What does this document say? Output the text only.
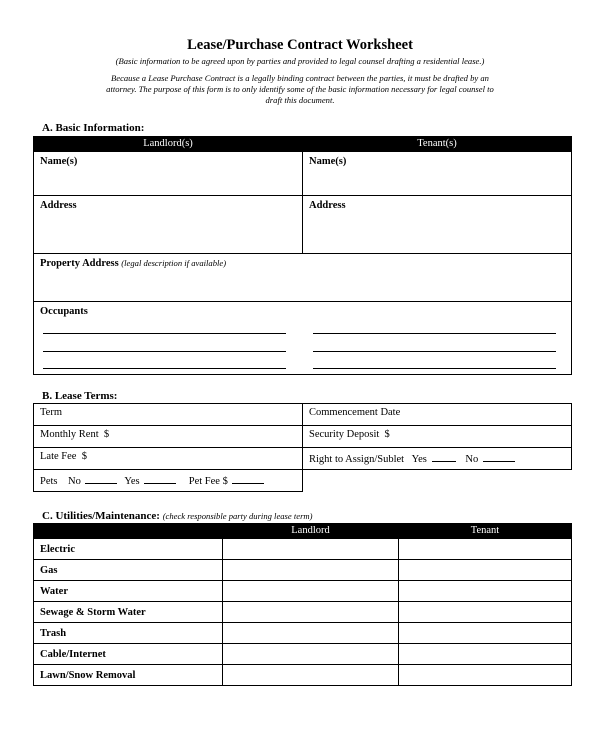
Lease/Purchase Contract Worksheet
(Basic information to be agreed upon by parties and provided to legal counsel drafting a residential lease.)
Because a Lease Purchase Contract is a legally binding contract between the parties, it must be drafted by an
attorney. The purpose of this form is to only identify some of the basic information necessary for legal counsel to
draft this document.
A. Basic Information:
Landlord(s)	Tenant(s)

Name(s)	Name(s)

Address	Address

Property Address (legal description if available)	

Occupants	
B. Lease Terms:
Term	Commencement Date

Monthly Rent $	Security Deposit $

Late Fee $	Right to Assign/Sublet Yes No

Pets No Yes Pet Fee $	

C. Utilities/Maintenance: (check responsible party during lease term)
	Landlord	Tenant
Electric		
Gas		
Water		
Sewage & Storm Water		
Trash		
Cable/Internet		
Lawn/Snow Removal		
